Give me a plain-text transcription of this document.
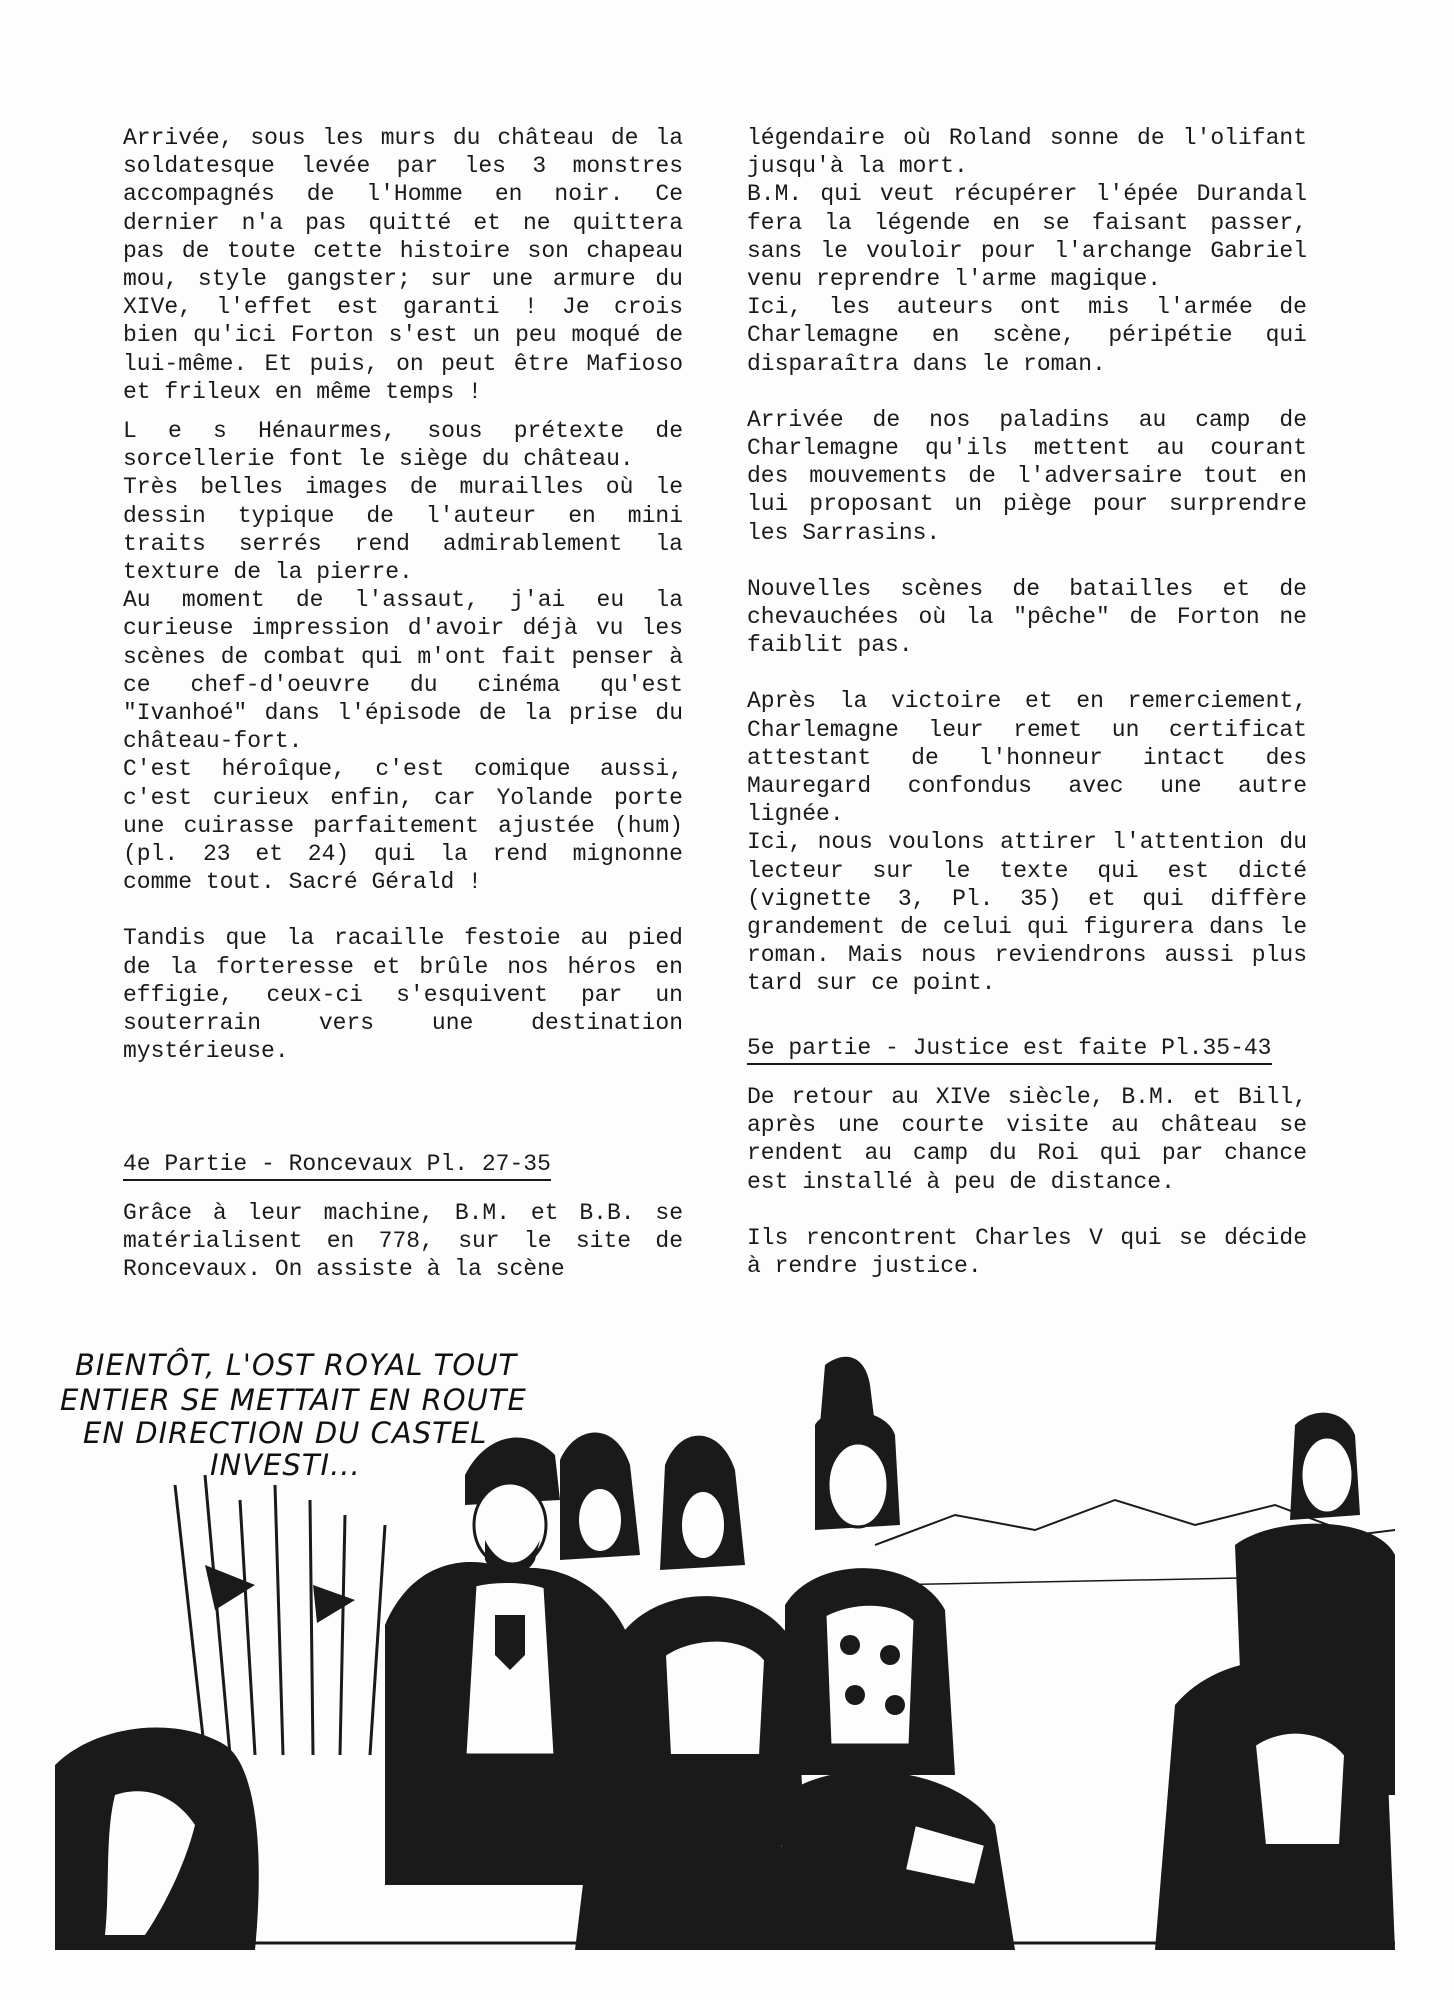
Arrivée, sous les murs du château de la soldatesque levée par les 3 monstres accompagnés de l'Homme en noir. Ce dernier n'a pas quitté et ne quittera pas de toute cette histoire son chapeau mou, style gangster; sur une armure du XIVe, l'effet est garanti ! Je crois bien qu'ici Forton s'est un peu moqué de lui-même. Et puis, on peut être Mafioso et frileux en même temps !

L e s Hénaurmes, sous prétexte de sorcellerie font le siège du château.

Très belles images de murailles où le dessin typique de l'auteur en mini traits serrés rend admirablement la texture de la pierre.

Au moment de l'assaut, j'ai eu la curieuse impression d'avoir déjà vu les scènes de combat qui m'ont fait penser à ce chef-d'oeuvre du cinéma qu'est "Ivanhoé" dans l'épisode de la prise du château-fort.

C'est héroîque, c'est comique aussi, c'est curieux enfin, car Yolande porte une cuirasse parfaitement ajustée (hum) (pl. 23 et 24) qui la rend mignonne comme tout. Sacré Gérald !

Tandis que la racaille festoie au pied de la forteresse et brûle nos héros en effigie, ceux-ci s'esquivent par un souterrain vers une destination mystérieuse.

4e Partie - Roncevaux Pl. 27-35

Grâce à leur machine, B.M. et B.B. se matérialisent en 778, sur le site de Roncevaux. On assiste à la scène

légendaire où Roland sonne de l'olifant jusqu'à la mort.

B.M. qui veut récupérer l'épée Durandal fera la légende en se faisant passer, sans le vouloir pour l'archange Gabriel venu reprendre l'arme magique.

Ici, les auteurs ont mis l'armée de Charlemagne en scène, péripétie qui disparaîtra dans le roman.

Arrivée de nos paladins au camp de Charlemagne qu'ils mettent au courant des mouvements de l'adversaire tout en lui proposant un piège pour surprendre les Sarrasins.

Nouvelles scènes de batailles et de chevauchées où la "pêche" de Forton ne faiblit pas.

Après la victoire et en remerciement, Charlemagne leur remet un certificat attestant de l'honneur intact des Mauregard confondus avec une autre lignée.

Ici, nous voulons attirer l'attention du lecteur sur le texte qui est dicté (vignette 3, Pl. 35) et qui diffère grandement de celui qui figurera dans le roman. Mais nous reviendrons aussi plus tard sur ce point.

5e partie - Justice est faite Pl.35-43

De retour au XIVe siècle, B.M. et Bill, après une courte visite au château se rendent au camp du Roi qui par chance est installé à peu de distance.

Ils rencontrent Charles V qui se décide à rendre justice.

BIENTÔT, L'OST ROYAL TOUT
ENTIER SE METTAIT EN ROUTE
EN DIRECTION DU CASTEL
INVESTI...
